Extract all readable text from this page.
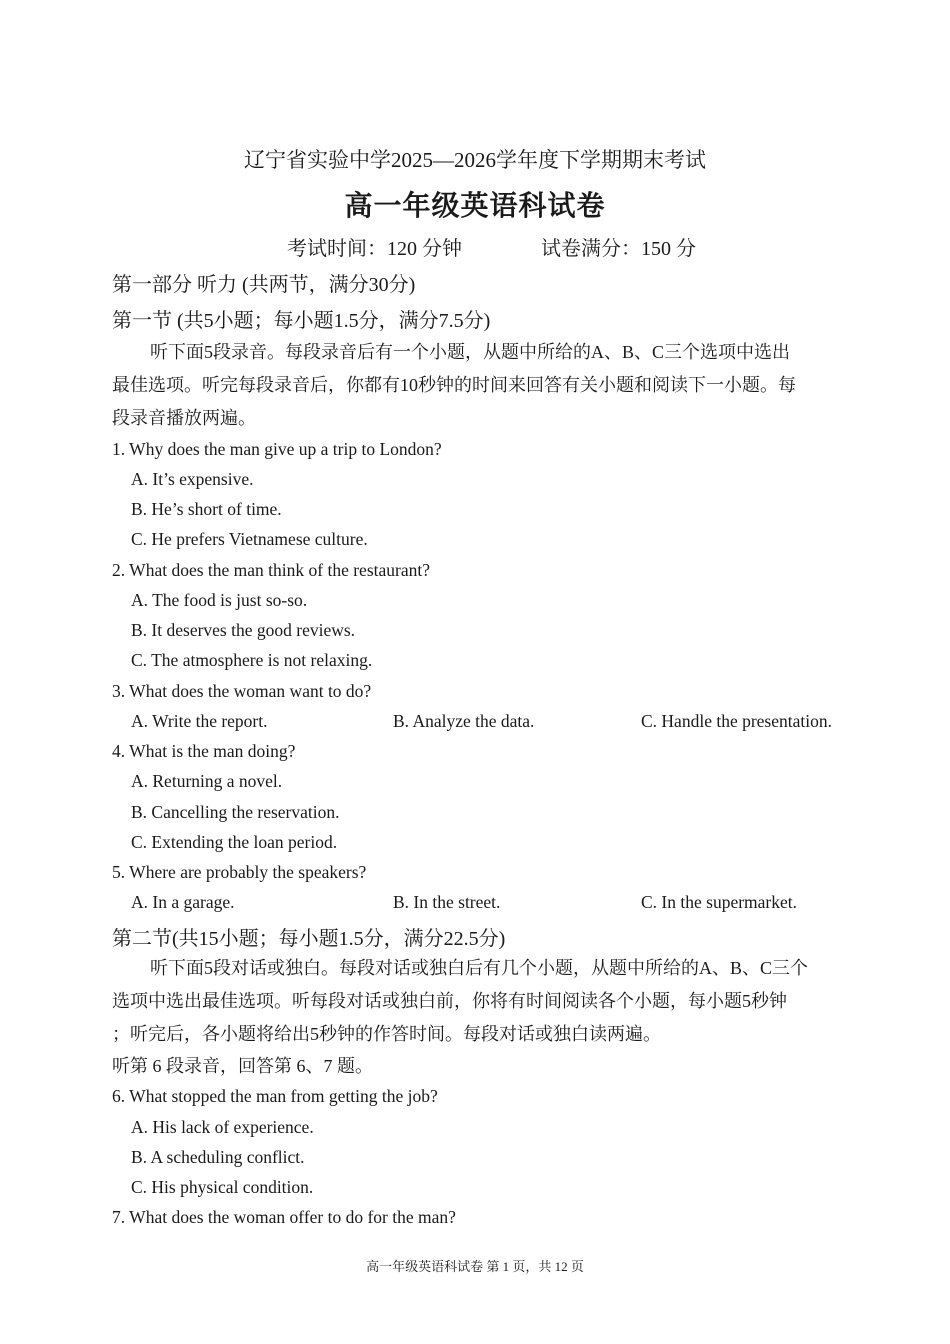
辽宁省实验中学2025—2026学年度下学期期末考试
高一年级英语科试卷
考试时间：120 分钟	试卷满分：150 分
第一部分 听力 (共两节，满分30分)
第一节 (共5小题；每小题1.5分，满分7.5分)
听下面5段录音。每段录音后有一个小题，从题中所给的A、B、C三个选项中选出
最佳选项。听完每段录音后，你都有10秒钟的时间来回答有关小题和阅读下一小题。每
段录音播放两遍。
1. Why does the man give up a trip to London?
A. It’s expensive.
B. He’s short of time.
C. He prefers Vietnamese culture.
2. What does the man think of the restaurant?
A. The food is just so-so.
B. It deserves the good reviews.
C. The atmosphere is not relaxing.
3. What does the woman want to do?
A. Write the report.	B. Analyze the data.	C. Handle the presentation.
4. What is the man doing?
A. Returning a novel.
B. Cancelling the reservation.
C. Extending the loan period.
5. Where are probably the speakers?
A. In a garage.	B. In the street.	C. In the supermarket.
第二节(共15小题；每小题1.5分，满分22.5分)
听下面5段对话或独白。每段对话或独白后有几个小题，从题中所给的A、B、C三个
选项中选出最佳选项。听每段对话或独白前，你将有时间阅读各个小题，每小题5秒钟
；听完后，各小题将给出5秒钟的作答时间。每段对话或独白读两遍。
听第 6 段录音，回答第 6、7 题。
6. What stopped the man from getting the job?
A. His lack of experience.
B. A scheduling conflict.
C. His physical condition.
7. What does the woman offer to do for the man?
高一年级英语科试卷 第 1 页，共 12 页
